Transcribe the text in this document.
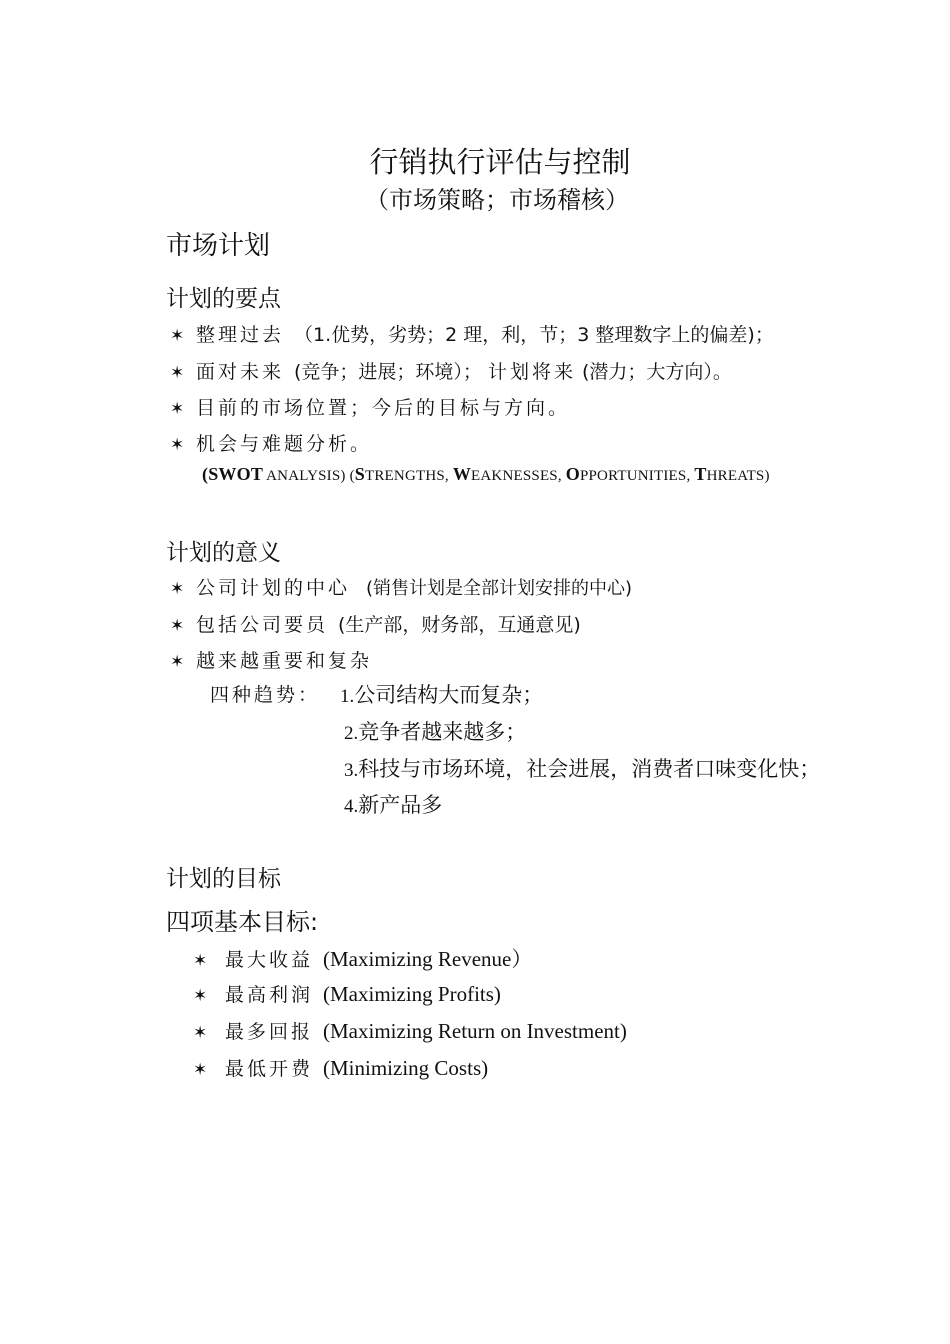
行销执行评估与控制
（市场策略；市场稽核）
市场计划
计划的要点
✶ 整理过去 （1.优势，劣势；2 理，利，节；3 整理数字上的偏差)；
✶ 面对未来 (竞争；进展；环境）； 计划将来 (潜力；大方向）。
✶ 目前的市场位置；今后的目标与方向。
✶ 机会与难题分析。
(SWOT ANALYSIS) (STRENGTHS, WEAKNESSES, OPPORTUNITIES, THREATS)
计划的意义
✶ 公司计划的中心 (销售计划是全部计划安排的中心)
✶ 包括公司要员 (生产部，财务部，互通意见)
✶ 越来越重要和复杂
四种趋势： 1.公司结构大而复杂；
2.竞争者越来越多；
3.科技与市场环境，社会进展，消费者口味变化快；
4.新产品多
计划的目标
四项基本目标:
✶ 最大收益 (Maximizing Revenue）
✶ 最高利润 (Maximizing Profits)
✶ 最多回报 (Maximizing Return on Investment)
✶ 最低开费 (Minimizing Costs)
